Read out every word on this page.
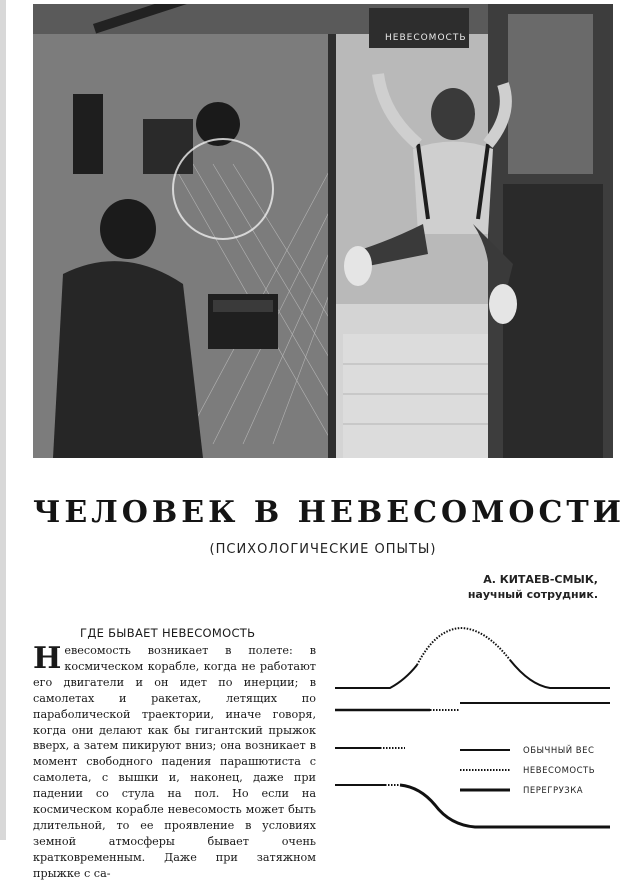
НЕВЕСОМОСТЬ
ЧЕЛОВЕК В НЕВЕСОМОСТИ
(ПСИХОЛОГИЧЕСКИЕ ОПЫТЫ)
А. КИТАЕВ-СМЫК,
научный сотрудник.
ГДЕ БЫВАЕТ НЕВЕСОМОСТЬ
Невесомость возникает в полете: в космическом корабле, когда не работают его двигатели и он идет по инерции; в самолетах и ракетах, летящих по параболической траектории, иначе говоря, когда они делают как бы гигантский прыжок вверх, а затем пикируют вниз; она возникает в момент свободного падения парашютиста с самолета, с вышки и, наконец, даже при падении со стула на пол. Но если на космическом корабле невесомость может быть длительной, то ее проявление в условиях земной атмосферы бывает очень кратковременным. Даже при затяжном прыжке с са-
ОБЫЧНЫЙ ВЕС
НЕВЕСОМОСТЬ
ПЕРЕГРУЗКА
